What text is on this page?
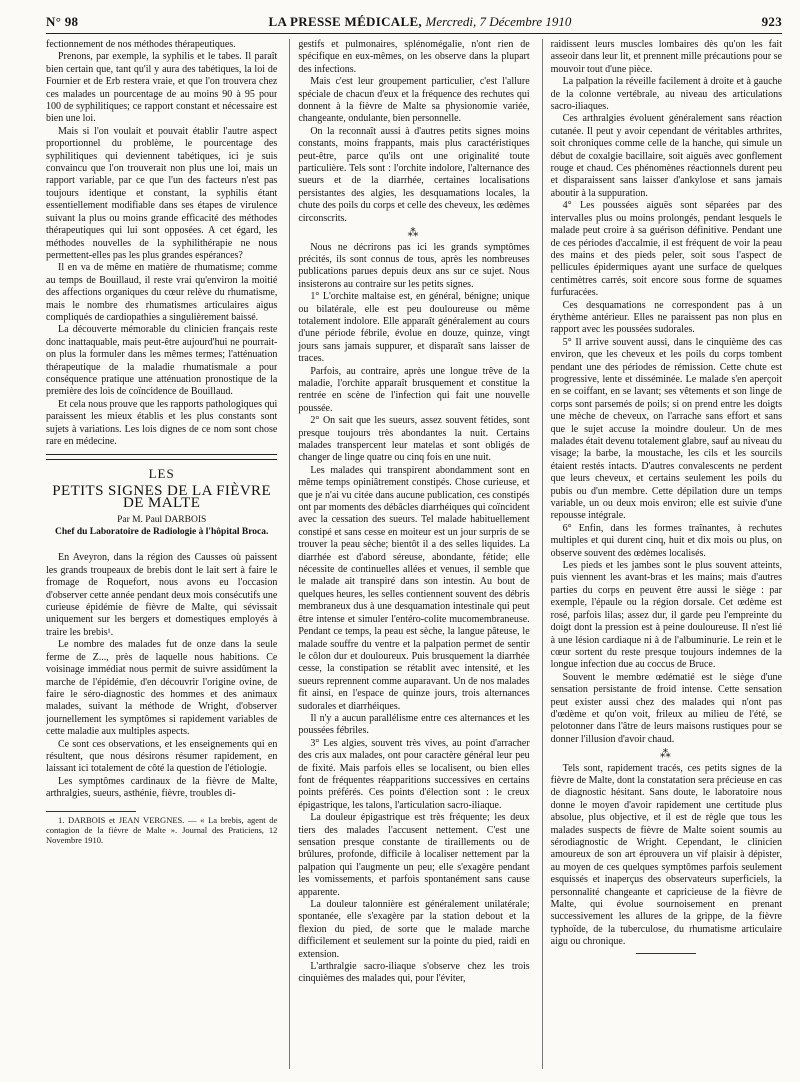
N° 98	LA PRESSE MÉDICALE, Mercredi, 7 Décembre 1910	923

fectionnement de nos méthodes thérapeutiques.

Prenons, par exemple, la syphilis et le tabes. Il paraît bien certain que, tant qu'il y aura des tabétiques, la loi de Fournier et de Erb restera vraie, et que l'on trouvera chez ces malades un pourcentage de au moins 90 à 95 pour 100 de syphilitiques; ce rapport constant et nécessaire est bien une loi.

Mais si l'on voulait et pouvait établir l'autre aspect proportionnel du problème, le pourcentage des syphilitiques qui deviennent tabétiques, ici je suis convaincu que l'on trouverait non plus une loi, mais un rapport variable, par ce que l'un des facteurs n'est pas toujours identique et constant, la syphilis étant essentiellement modifiable dans ses étapes de virulence suivant la plus ou moins grande efficacité des méthodes thérapeutiques qui lui sont opposées. A cet égard, les méthodes nouvelles de la syphilithérapie ne nous permettent-elles pas les plus grandes espérances?

Il en va de même en matière de rhumatisme; comme au temps de Bouillaud, il reste vrai qu'environ la moitié des affections organiques du cœur relève du rhumatisme, mais le nombre des rhumatismes articulaires aigus compliqués de cardiopathies a singulièrement baissé.

La découverte mémorable du clinicien français reste donc inattaquable, mais peut-être aujourd'hui ne pourrait-on plus la formuler dans les mêmes termes; l'atténuation thérapeutique de la maladie rhumatismale a pour conséquence pratique une atténuation pronostique de la première des lois de coïncidence de Bouillaud.

Et cela nous prouve que les rapports pathologiques qui paraissent les mieux établis et les plus constants sont sujets à variations. Les lois dignes de ce nom sont chose rare en médecine.

LES
PETITS SIGNES DE LA FIÈVRE DE MALTE
Par M. Paul DARBOIS
Chef du Laboratoire de Radiologie à l'hôpital Broca.

En Aveyron, dans la région des Causses où paissent les grands troupeaux de brebis dont le lait sert à faire le fromage de Roquefort, nous avons eu l'occasion d'observer cette année pendant deux mois consécutifs une curieuse épidémie de fièvre de Malte, qui sévissait uniquement sur les bergers et domestiques employés à traire les brebis¹.

Le nombre des malades fut de onze dans la seule ferme de Z..., près de laquelle nous habitions. Ce voisinage immédiat nous permit de suivre assidûment la marche de l'épidémie, d'en découvrir l'origine ovine, de faire le séro-diagnostic des hommes et des animaux malades, suivant la méthode de Wright, d'observer journellement les symptômes si rapidement variables de cette maladie aux multiples aspects.

Ce sont ces observations, et les enseignements qui en résultent, que nous désirons résumer rapidement, en laissant ici totalement de côté la question de l'étiologie.

Les symptômes cardinaux de la fièvre de Malte, arthralgies, sueurs, asthénie, fièvre, troubles di-

1. DARBOIS et JEAN VERGNES. — « La brebis, agent de contagion de la fièvre de Malte ». Journal des Praticiens, 12 Novembre 1910.

gestifs et pulmonaires, splénomégalie, n'ont rien de spécifique en eux-mêmes, on les observe dans la plupart des infections.

Mais c'est leur groupement particulier, c'est l'allure spéciale de chacun d'eux et la fréquence des rechutes qui donnent à la fièvre de Malte sa physionomie variée, changeante, ondulante, bien personnelle.

On la reconnaît aussi à d'autres petits signes moins constants, moins frappants, mais plus caractéristiques peut-être, parce qu'ils ont une originalité toute particulière. Tels sont : l'orchite indolore, l'alternance des sueurs et de la diarrhée, certaines localisations persistantes des algies, les desquamations locales, la chute des poils du corps et celle des cheveux, les œdèmes circonscrits.

⁂

Nous ne décrirons pas ici les grands symptômes précités, ils sont connus de tous, après les nombreuses publications parues depuis deux ans sur ce sujet. Nous insisterons au contraire sur les petits signes.

1° L'orchite maltaise est, en général, bénigne; unique ou bilatérale, elle est peu douloureuse ou même totalement indolore. Elle apparaît généralement au cours d'une période fébrile, évolue en douze, quinze, vingt jours sans jamais suppurer, et disparaît sans laisser de traces.

Parfois, au contraire, après une longue trêve de la maladie, l'orchite apparaît brusquement et constitue la rentrée en scène de l'infection qui fait une nouvelle poussée.

2° On sait que les sueurs, assez souvent fétides, sont presque toujours très abondantes la nuit. Certains malades transpercent leur matelas et sont obligés de changer de linge quatre ou cinq fois en une nuit.

Les malades qui transpirent abondamment sont en même temps opiniâtrement constipés. Chose curieuse, et que je n'ai vu citée dans aucune publication, ces constipés ont par moments des débâcles diarrhéiques qui coïncident avec la cessation des sueurs. Tel malade habituellement constipé et sans cesse en moiteur est un jour surpris de se trouver la peau sèche; bientôt il a des selles liquides. La diarrhée est d'abord séreuse, abondante, fétide; elle nécessite de continuelles allées et venues, il semble que le malade ait transpiré dans son intestin. Au bout de quelques heures, les selles contiennent souvent des débris membraneux dus à une desquamation intestinale qui peut être intense et simuler l'entéro-colite mucomembraneuse. Pendant ce temps, la peau est sèche, la langue pâteuse, le malade souffre du ventre et la palpation permet de sentir le côlon dur et douloureux. Puis brusquement la diarrhée cesse, la constipation se rétablit avec intensité, et les sueurs reprennent comme auparavant. Un de nos malades fit ainsi, en l'espace de quinze jours, trois alternances sudorales et diarrhéiques.

Il n'y a aucun parallélisme entre ces alternances et les poussées fébriles.

3° Les algies, souvent très vives, au point d'arracher des cris aux malades, ont pour caractère général leur peu de fixité. Mais parfois elles se localisent, ou bien elles font de fréquentes réapparitions successives en certains points préférés. Ces points d'élection sont : le creux épigastrique, les talons, l'articulation sacro-iliaque.

La douleur épigastrique est très fréquente; les deux tiers des malades l'accusent nettement. C'est une sensation presque constante de tiraillements ou de brûlures, profonde, difficile à localiser nettement par la palpation qui l'augmente un peu; elle s'exagère pendant les vomissements, et parfois spontanément sans cause apparente.

La douleur talonnière est généralement unilatérale; spontanée, elle s'exagère par la station debout et la flexion du pied, de sorte que le malade marche difficilement et seulement sur la pointe du pied, raidi en extension.

L'arthralgie sacro-iliaque s'observe chez les trois cinquièmes des malades qui, pour l'éviter,

raidissent leurs muscles lombaires dès qu'on les fait asseoir dans leur lit, et prennent mille précautions pour se mouvoir tout d'une pièce.

La palpation la réveille facilement à droite et à gauche de la colonne vertébrale, au niveau des articulations sacro-iliaques.

Ces arthralgies évoluent généralement sans réaction cutanée. Il peut y avoir cependant de véritables arthrites, soit chroniques comme celle de la hanche, qui simule un début de coxalgie bacillaire, soit aiguës avec gonflement rouge et chaud. Ces phénomènes réactionnels durent peu et disparaissent sans laisser d'ankylose et sans jamais aboutir à la suppuration.

4° Les poussées aiguës sont séparées par des intervalles plus ou moins prolongés, pendant lesquels le malade peut croire à sa guérison définitive. Pendant une de ces périodes d'accalmie, il est fréquent de voir la peau des mains et des pieds peler, soit sous l'aspect de pellicules épidermiques ayant une surface de quelques centimètres carrés, soit encore sous forme de squames furfuracées.

Ces desquamations ne correspondent pas à un érythème antérieur. Elles ne paraissent pas non plus en rapport avec les poussées sudorales.

5° Il arrive souvent aussi, dans le cinquième des cas environ, que les cheveux et les poils du corps tombent pendant une des périodes de rémission. Cette chute est progressive, lente et disséminée. Le malade s'en aperçoit en se coiffant, en se lavant; ses vêtements et son linge de corps sont parsemés de poils; si on prend entre les doigts une mèche de cheveux, on l'arrache sans effort et sans que le sujet accuse la moindre douleur. Un de mes malades était devenu totalement glabre, sauf au niveau du visage; la barbe, la moustache, les cils et les sourcils étaient restés intacts. D'autres convalescents ne perdent que leurs cheveux, et certains seulement les poils du pubis ou d'un membre. Cette dépilation dure un temps variable, un ou deux mois environ; elle est suivie d'une repousse intégrale.

6° Enfin, dans les formes traînantes, à rechutes multiples et qui durent cinq, huit et dix mois ou plus, on observe souvent des œdèmes localisés.

Les pieds et les jambes sont le plus souvent atteints, puis viennent les avant-bras et les mains; mais d'autres parties du corps en peuvent être aussi le siège : par exemple, l'épaule ou la région dorsale. Cet œdème est rosé, parfois lilas; assez dur, il garde peu l'empreinte du doigt dont la pression est à peine douloureuse. Il n'est lié à une lésion cardiaque ni à de l'albuminurie. Le rein et le cœur sortent du reste presque toujours indemnes de la longue infection due au coccus de Bruce.

Souvent le membre œdématié est le siège d'une sensation persistante de froid intense. Cette sensation peut exister aussi chez des malades qui n'ont pas d'œdème et qu'on voit, frileux au milieu de l'été, se pelotonner dans l'âtre de leurs maisons rustiques pour se donner l'illusion d'avoir chaud.

⁂

Tels sont, rapidement tracés, ces petits signes de la fièvre de Malte, dont la constatation sera précieuse en cas de diagnostic hésitant. Sans doute, le laboratoire nous donne le moyen d'avoir rapidement une certitude plus absolue, plus objective, et il est de règle que tous les malades suspects de fièvre de Malte soient soumis au sérodiagnostic de Wright. Cependant, le clinicien amoureux de son art éprouvera un vif plaisir à dépister, au moyen de ces quelques symptômes parfois seulement esquissés et inaperçus des observateurs superficiels, la personnalité changeante et capricieuse de la fièvre de Malte, qui évolue sournoisement en prenant successivement les allures de la grippe, de la fièvre typhoïde, de la tuberculose, du rhumatisme articulaire aigu ou chronique.
